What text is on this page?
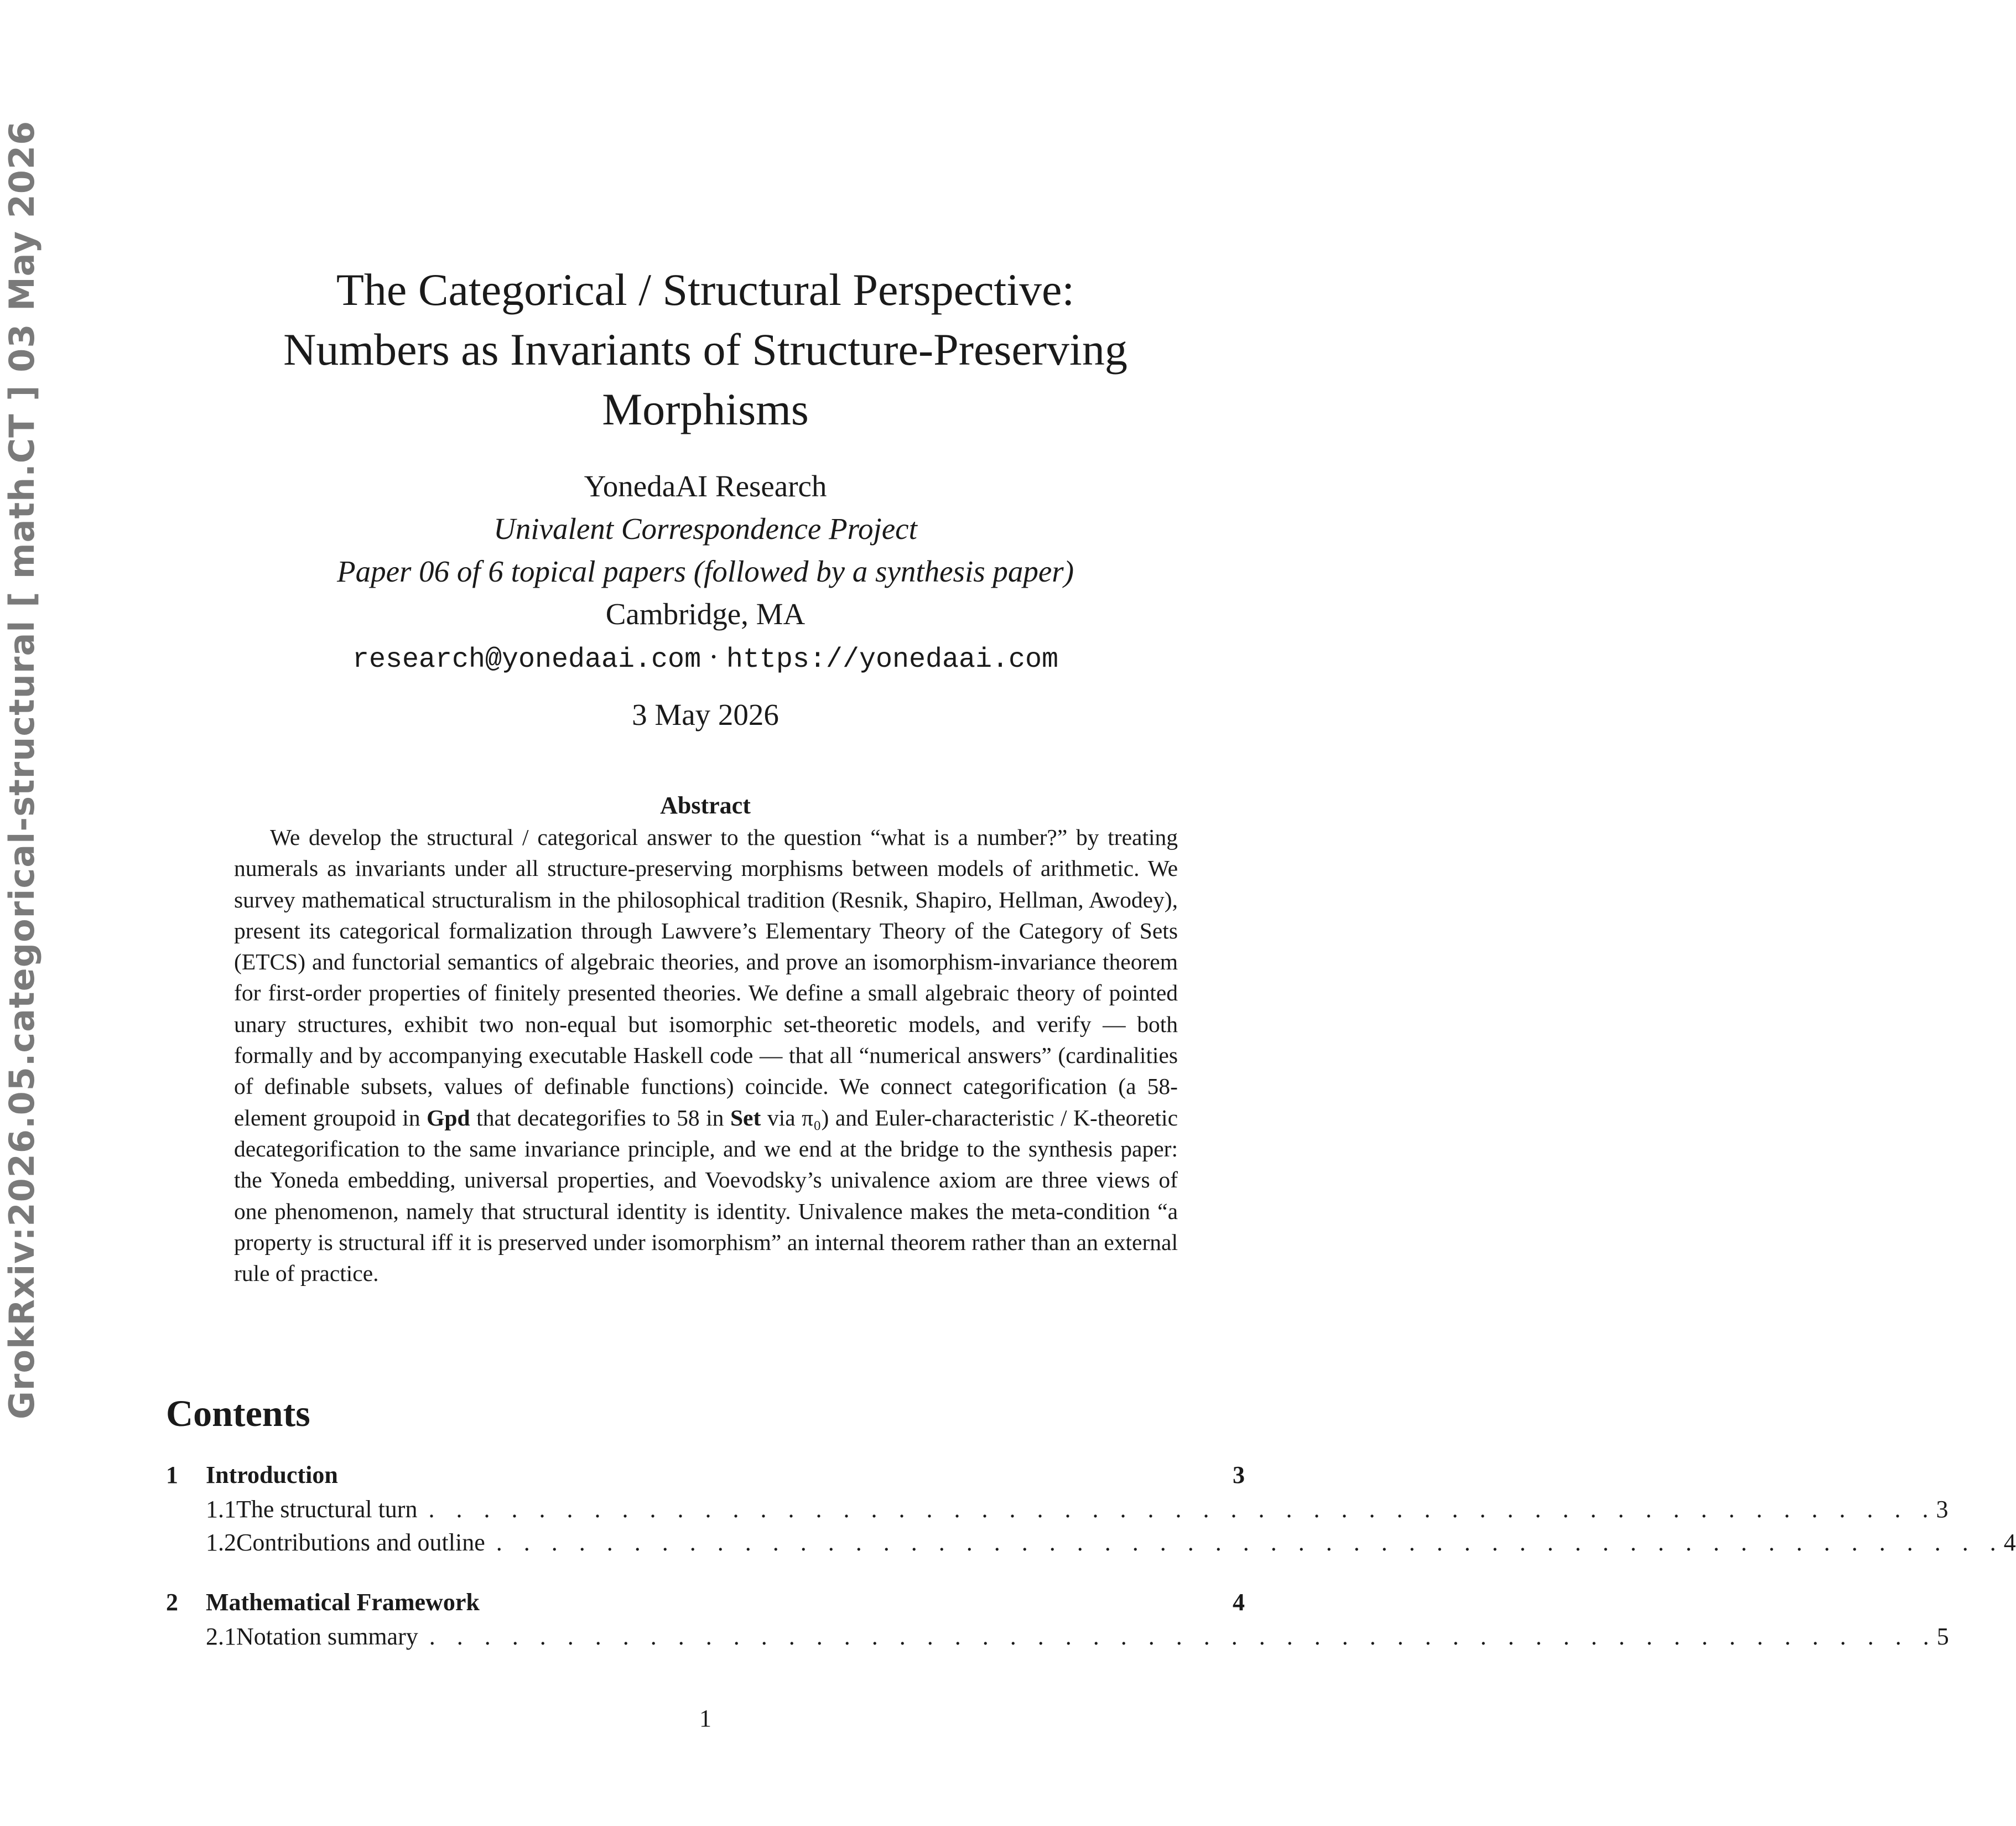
GrokRxiv:2026.05.categorical-structural [ math.CT ] 03 May 2026	The Categorical / Structural Perspective:
Numbers as Invariants of Structure-Preserving
Morphisms
YonedaAI Research
Univalent Correspondence Project
Paper 06 of 6 topical papers (followed by a synthesis paper)
Cambridge, MA
research@yonedaai.com · https://yonedaai.com
3 May 2026
Abstract
We develop the structural / categorical answer to the question “what is a number?” by treating numerals as invariants under all structure-preserving morphisms between models of arithmetic. We survey mathematical structuralism in the philosophical tradition (Resnik, Shapiro, Hellman, Awodey), present its categorical formalization through Lawvere’s Elementary Theory of the Category of Sets (ETCS) and functorial semantics of algebraic theories, and prove an isomorphism-invariance theorem for first-order properties of finitely presented theories. We define a small algebraic theory of pointed unary structures, exhibit two non-equal but isomorphic set-theoretic models, and verify — both formally and by accompanying executable Haskell code — that all “numerical answers” (cardinalities of definable subsets, values of definable functions) coincide. We connect categorification (a 58-element groupoid in Gpd that decategorifies to 58 in Set via π₀) and Euler-characteristic / K-theoretic decategorification to the same invariance principle, and we end at the bridge to the synthesis paper: the Yoneda embedding, universal properties, and Voevodsky’s univalence axiom are three views of one phenomenon, namely that structural identity is identity. Univalence makes the meta-condition “a property is structural iff it is preserved under isomorphism” an internal theorem rather than an external rule of practice.
Contents
1	Introduction	3
1.1 The structural turn . . . . . . . . . . . . . . . . . . . . . . . . . . . . . . . . . . . . . . . . . . . . . . . . . . . . . . . 3
1.2 Contributions and outline . . . . . . . . . . . . . . . . . . . . . . . . . . . . . . . . . . . . . . . . . . . . . . . . . . . . . . . 4
2	Mathematical Framework	4
2.1 Notation summary . . . . . . . . . . . . . . . . . . . . . . . . . . . . . . . . . . . . . . . . . . . . . . . . . . . . . . . 5
1
